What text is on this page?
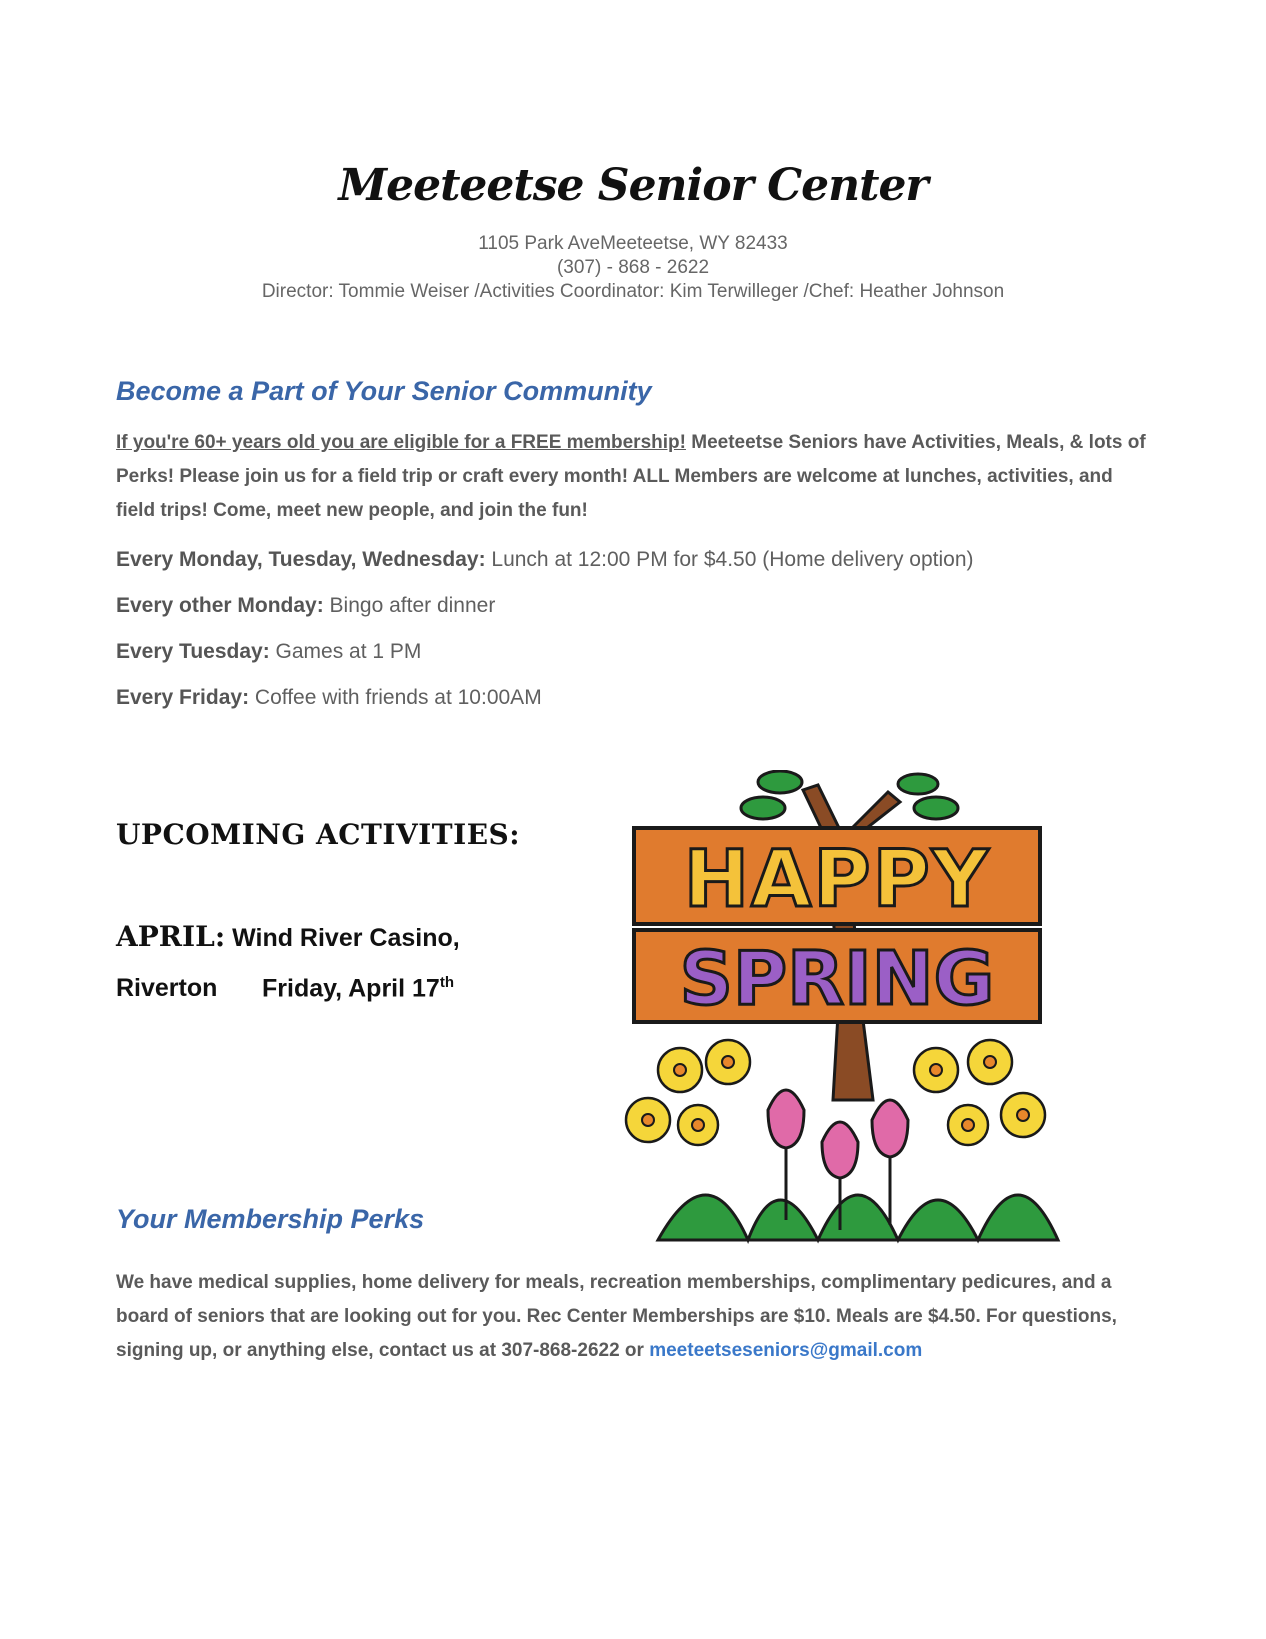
Meeteetse Senior Center
1105 Park AveMeeteetse, WY 82433
(307) - 868 - 2622
Director: Tommie Weiser /Activities Coordinator: Kim Terwilleger /Chef: Heather Johnson
Become a Part of Your Senior Community
If you're 60+ years old you are eligible for a FREE membership! Meeteetse Seniors have Activities, Meals, & lots of Perks! Please join us for a field trip or craft every month! ALL Members are welcome at lunches, activities, and field trips! Come, meet new people, and join the fun!
Every Monday, Tuesday, Wednesday: Lunch at 12:00 PM for $4.50 (Home delivery option)
Every other Monday: Bingo after dinner
Every Tuesday: Games at 1 PM
Every Friday: Coffee with friends at 10:00AM
UPCOMING ACTIVITIES:
APRIL: Wind River Casino,
Riverton Friday, April 17th
HAPPY
SPRING
Your Membership Perks
We have medical supplies, home delivery for meals, recreation memberships, complimentary pedicures, and a board of seniors that are looking out for you. Rec Center Memberships are $10. Meals are $4.50. For questions, signing up, or anything else, contact us at 307-868-2622 or meeteetseseniors@gmail.com
